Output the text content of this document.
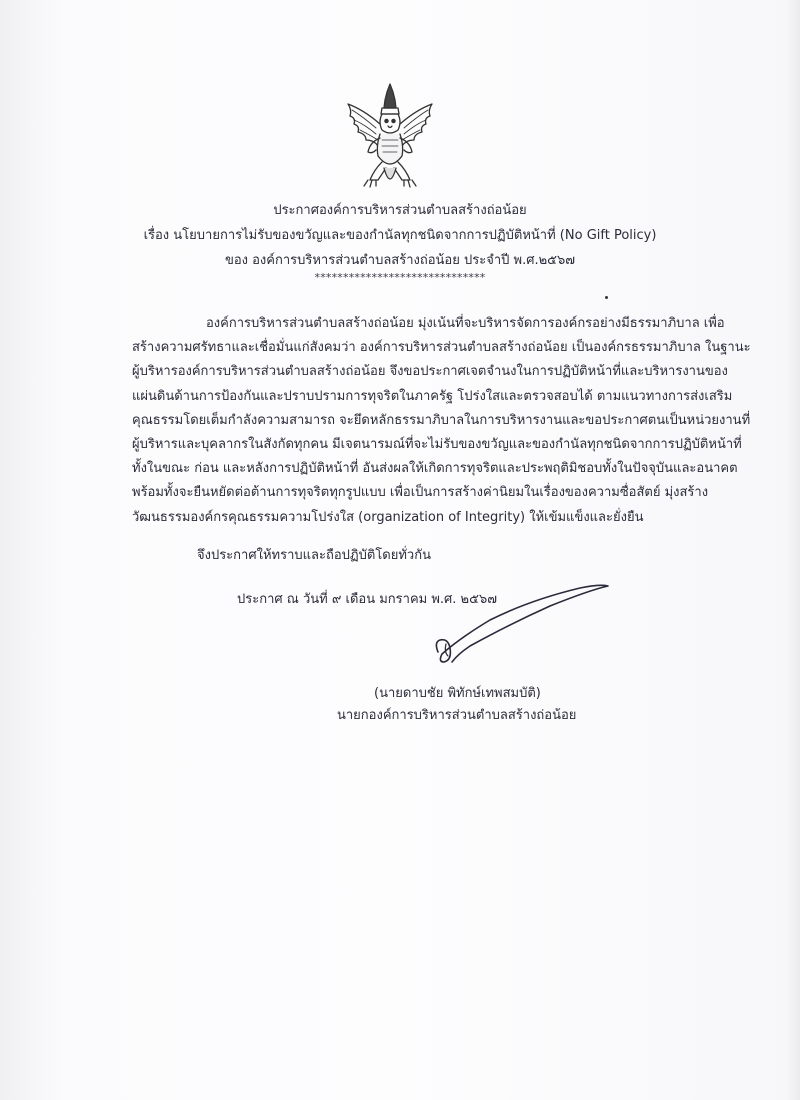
ประกาศองค์การบริหารส่วนตำบลสร้างถ่อน้อย
เรื่อง นโยบายการไม่รับของขวัญและของกำนัลทุกชนิดจากการปฏิบัติหน้าที่ (No Gift Policy)
ของ องค์การบริหารส่วนตำบลสร้างถ่อน้อย ประจำปี พ.ศ.๒๕๖๗
******************************
องค์การบริหารส่วนตำบลสร้างถ่อน้อย มุ่งเน้นที่จะบริหารจัดการองค์กรอย่างมีธรรมาภิบาล เพื่อ
สร้างความศรัทธาและเชื่อมั่นแก่สังคมว่า องค์การบริหารส่วนตำบลสร้างถ่อน้อย เป็นองค์กรธรรมาภิบาล ในฐานะ
ผู้บริหารองค์การบริหารส่วนตำบลสร้างถ่อน้อย จึงขอประกาศเจตจำนงในการปฏิบัติหน้าที่และบริหารงานของ
แผ่นดินด้านการป้องกันและปราบปรามการทุจริตในภาครัฐ โปร่งใสและตรวจสอบได้ ตามแนวทางการส่งเสริม
คุณธรรมโดยเต็มกำลังความสามารถ จะยึดหลักธรรมาภิบาลในการบริหารงานและขอประกาศตนเป็นหน่วยงานที่
ผู้บริหารและบุคลากรในสังกัดทุกคน มีเจตนารมณ์ที่จะไม่รับของขวัญและของกำนัลทุกชนิดจากการปฏิบัติหน้าที่
ทั้งในขณะ ก่อน และหลังการปฏิบัติหน้าที่ อันส่งผลให้เกิดการทุจริตและประพฤติมิชอบทั้งในปัจจุบันและอนาคต
พร้อมทั้งจะยืนหยัดต่อต้านการทุจริตทุกรูปแบบ เพื่อเป็นการสร้างค่านิยมในเรื่องของความซื่อสัตย์ มุ่งสร้าง
วัฒนธรรมองค์กรคุณธรรมความโปร่งใส (organization of Integrity) ให้เข้มแข็งและยั่งยืน
จึงประกาศให้ทราบและถือปฏิบัติโดยทั่วกัน
ประกาศ ณ วันที่ ๙ เดือน มกราคม พ.ศ. ๒๕๖๗
(นายดาบชัย พิทักษ์เทพสมบัติ)
นายกองค์การบริหารส่วนตำบลสร้างถ่อน้อย
